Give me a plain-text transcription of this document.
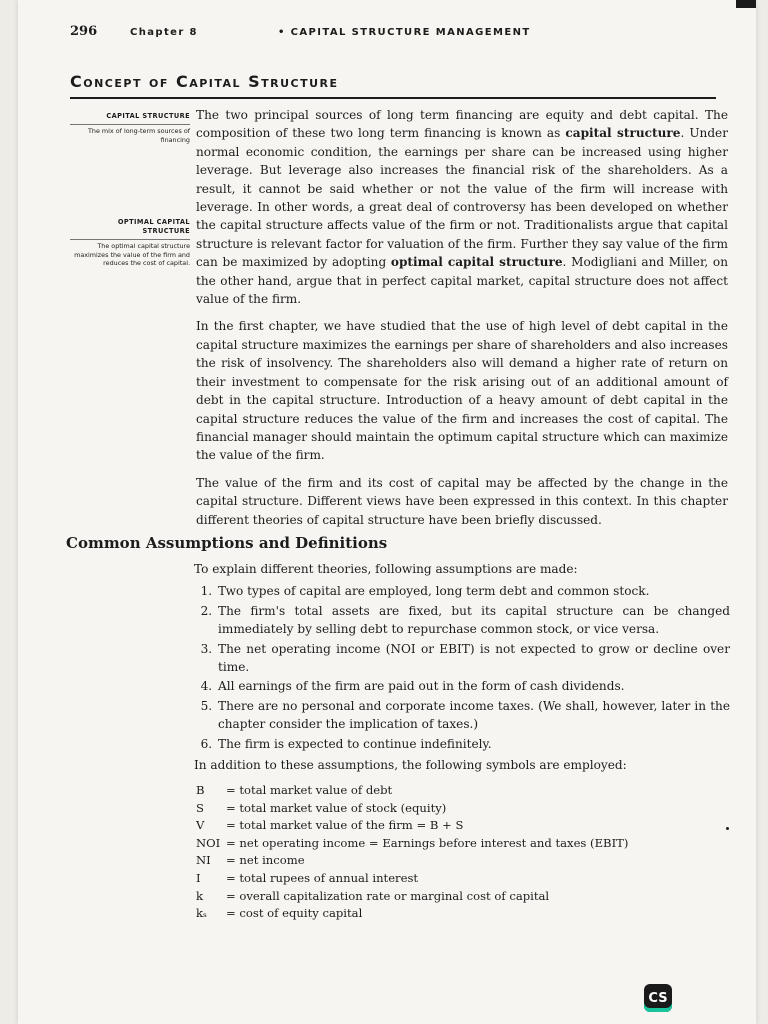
296	Chapter 8	• CAPITAL STRUCTURE MANAGEMENT
Concept of Capital Structure
CAPITAL STRUCTURE
The mix of long-term sources of financing
OPTIMAL CAPITAL STRUCTURE
The optimal capital structure maximizes the value of the firm and reduces the cost of capital.

The two principal sources of long term financing are equity and debt capital. The composition of these two long term financing is known as capital structure. Under normal economic condition, the earnings per share can be increased using higher leverage. But leverage also increases the financial risk of the shareholders. As a result, it cannot be said whether or not the value of the firm will increase with leverage. In other words, a great deal of controversy has been developed on whether the capital structure affects value of the firm or not. Traditionalists argue that capital structure is relevant factor for valuation of the firm. Further they say value of the firm can be maximized by adopting optimal capital structure. Modigliani and Miller, on the other hand, argue that in perfect capital market, capital structure does not affect value of the firm.

In the first chapter, we have studied that the use of high level of debt capital in the capital structure maximizes the earnings per share of shareholders and also increases the risk of insolvency. The shareholders also will demand a higher rate of return on their investment to compensate for the risk arising out of an additional amount of debt in the capital structure. Introduction of a heavy amount of debt capital in the capital structure reduces the value of the firm and increases the cost of capital. The financial manager should maintain the optimum capital structure which can maximize the value of the firm.

The value of the firm and its cost of capital may be affected by the change in the capital structure. Different views have been expressed in this context. In this chapter different theories of capital structure have been briefly discussed.

Common Assumptions and Definitions

To explain different theories, following assumptions are made:

1. Two types of capital are employed, long term debt and common stock.
2. The firm's total assets are fixed, but its capital structure can be changed immediately by selling debt to repurchase common stock, or vice versa.
3. The net operating income (NOI or EBIT) is not expected to grow or decline over time.
4. All earnings of the firm are paid out in the form of cash dividends.
5. There are no personal and corporate income taxes. (We shall, however, later in the chapter consider the implication of taxes.)
6. The firm is expected to continue indefinitely.

In addition to these assumptions, the following symbols are employed:

B	= total market value of debt
S	= total market value of stock (equity)
V	= total market value of the firm = B + S
NOI = net operating income = Earnings before interest and taxes (EBIT)
NI	= net income
I	= total rupees of annual interest
k	= overall capitalization rate or marginal cost of capital
kₛ	= cost of equity capital
CS
